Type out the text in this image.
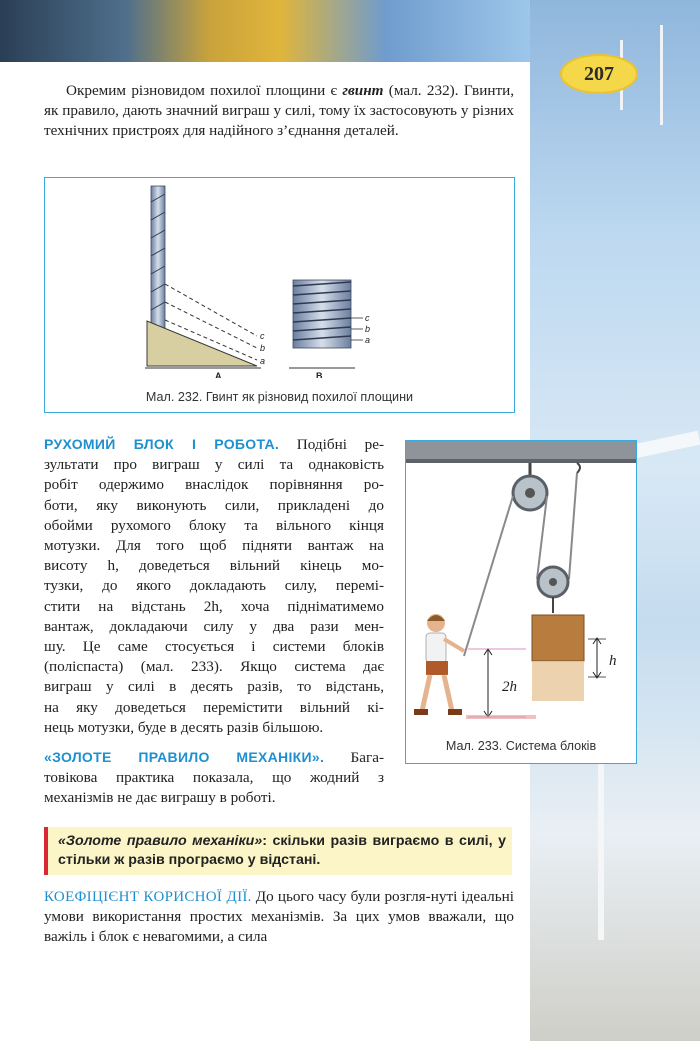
207

Окремим різновидом похилої площини є гвинт (мал. 232). Гвинти, як правило, дають значний виграш у силі, тому їх застосовують у різних технічних пристроях для надійного з’єднання деталей.

c
b
a
c
b
a
A	B
Мал. 232. Гвинт як різновид похилої площини

РУХОМИЙ БЛОК І РОБОТА. Подібні ре-

зультати про виграш у силі та однаковість

робіт одержимо внаслідок порівняння ро-

боти, яку виконують сили, прикладені до

обойми рухомого блоку та вільного кінця

мотузки. Для того щоб підняти вантаж на

висоту h, доведеться вільний кінець мо-

тузки, до якого докладають силу, перемі-

стити на відстань 2h, хоча підніматимемо

вантаж, докладаючи силу у два рази мен-

шу. Це саме стосується і системи блоків

(поліспаста) (мал. 233). Якщо система дає

виграш у силі в десять разів, то відстань,

на яку доведеться перемістити вільний кі-

нець мотузки, буде в десять разів більшою.

h
2h
Мал. 233. Система блоків

«ЗОЛОТЕ ПРАВИЛО МЕХАНІКИ». Бага-

товікова практика показала, що жодний з

механізмів не дає виграшу в роботі.

«Золоте правило механіки»: скільки разів виграємо в силі, у стільки ж разів програємо у відстані.

КОЕФІЦІЄНТ КОРИСНОЇ ДІЇ. До цього часу були розгля-нуті ідеальні умови використання простих механізмів. За цих умов вважали, що важіль і блок є невагомими, а сила
